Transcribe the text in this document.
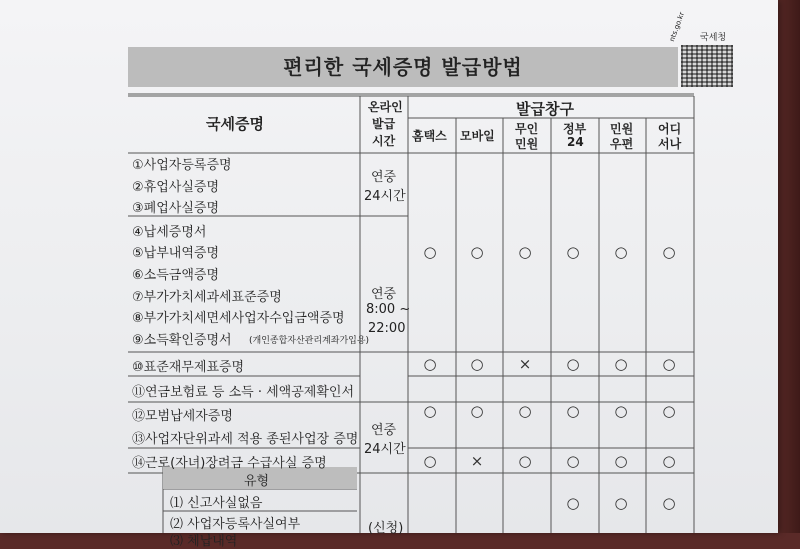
편리한 국세증명 발급방법
국세청
nts.go.kr
국세증명
온라인
발급
시간
발급창구
홈택스 모바일 무인
민원
정부
24
민원
우편
어디
서나
①사업자등록증명
②휴업사실증명
③폐업사실증명
④납세증명서
⑤납부내역증명
⑥소득금액증명
⑦부가가치세과세표준증명
⑧부가가치세면세사업자수입금액증명
⑨소득확인증명서 (개인종합자산관리계좌가입용)
⑩표준재무제표증명
⑪연금보험료 등 소득 · 세액공제확인서
⑫모범납세자증명
⑬사업자단위과세 적용 종된사업장 증명
⑭근로(자녀)장려금 수급사실 증명
연중
24시간
연중
8:00 ~
22:00
연중
24시간
(신청)
유형
⑴ 신고사실없음
⑵ 사업자등록사실여부
⑶ 체납내역
○ ○ ○ ○ ○ ○
○ ○ × ○ ○ ○
○ ○ ○ ○ ○ ○
○ × ○ ○ ○ ○
○ ○ ○
